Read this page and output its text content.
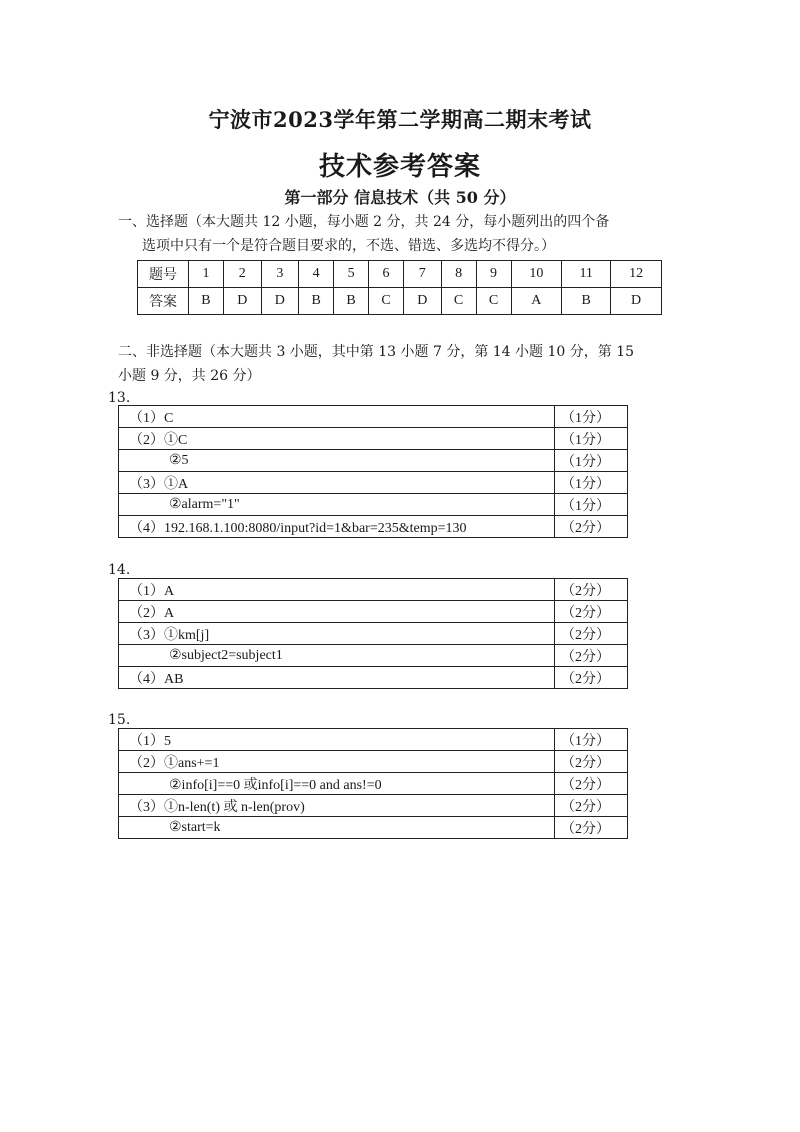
宁波市2023学年第二学期高二期末考试
技术参考答案
第一部分 信息技术（共 50 分）
一、选择题（本大题共 12 小题，每小题 2 分，共 24 分，每小题列出的四个备
选项中只有一个是符合题目要求的，不选、错选、多选均不得分。）
题号	1	2	3	4	5	6	7	8	9	10	11	12
答案	B	D	D	B	B	C	D	C	C	A	B	D
二、非选择题（本大题共 3 小题，其中第 13 小题 7 分，第 14 小题 10 分，第 15
小题 9 分，共 26 分）
13.
（1）C	（1分）
（2）①C	（1分）
②5	（1分）
（3）①A	（1分）
②alarm="1"	（1分）
（4）192.168.1.100:8080/input?id=1&bar=235&temp=130	（2分）
14.
（1）A	（2分）
（2）A	（2分）
（3）①km[j]	（2分）
②subject2=subject1	（2分）
（4）AB	（2分）
15.
（1）5	（1分）
（2）①ans+=1	（2分）
②info[i]==0 或info[i]==0 and ans!=0	（2分）
（3）①n-len(t) 或 n-len(prov)	（2分）
②start=k	（2分）
